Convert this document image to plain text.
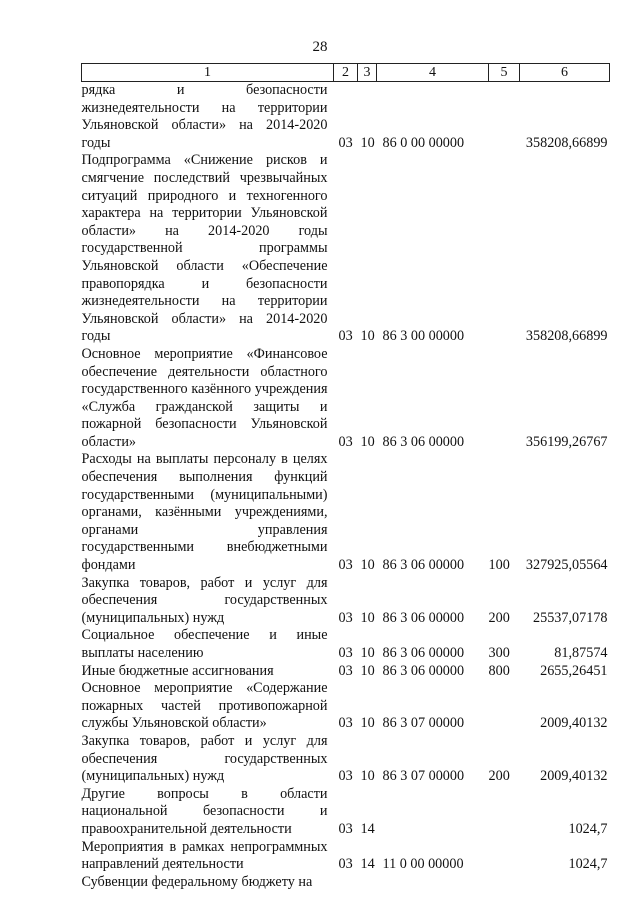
28
1	2	3	4	5	6
рядка и безопасности жизнедеятельности на территории Ульяновской области» на 2014-2020 годы	03	10	86 0 00 00000		358208,66899
Подпрограмма «Снижение рисков и смягчение последствий чрезвычайных ситуаций природного и техногенного характера на территории Ульяновской области» на 2014-2020 годы государственной программы Ульяновской области «Обеспечение правопорядка и безопасности жизнедеятельности на территории Ульяновской области» на 2014-2020 годы	03	10	86 3 00 00000		358208,66899
Основное мероприятие «Финансовое обеспечение деятельности областного государственного казённого учреждения «Служба гражданской защиты и пожарной безопасности Ульяновской области»	03	10	86 3 06 00000		356199,26767
Расходы на выплаты персоналу в целях обеспечения выполнения функций государственными (муниципальными) органами, казёнными учреждениями, органами управления государственными внебюджетными фондами	03	10	86 3 06 00000	100	327925,05564
Закупка товаров, работ и услуг для обеспечения государственных (муниципальных) нужд	03	10	86 3 06 00000	200	25537,07178
Социальное обеспечение и иные выплаты населению	03	10	86 3 06 00000	300	81,87574
Иные бюджетные ассигнования	03	10	86 3 06 00000	800	2655,26451
Основное мероприятие «Содержание пожарных частей противопожарной службы Ульяновской области»	03	10	86 3 07 00000		2009,40132
Закупка товаров, работ и услуг для обеспечения государственных (муниципальных) нужд	03	10	86 3 07 00000	200	2009,40132
Другие вопросы в области национальной безопасности и правоохранительной деятельности	03	14			1024,7
Мероприятия в рамках непрограммных направлений деятельности	03	14	11 0 00 00000		1024,7
Субвенции федеральному бюджету на					
